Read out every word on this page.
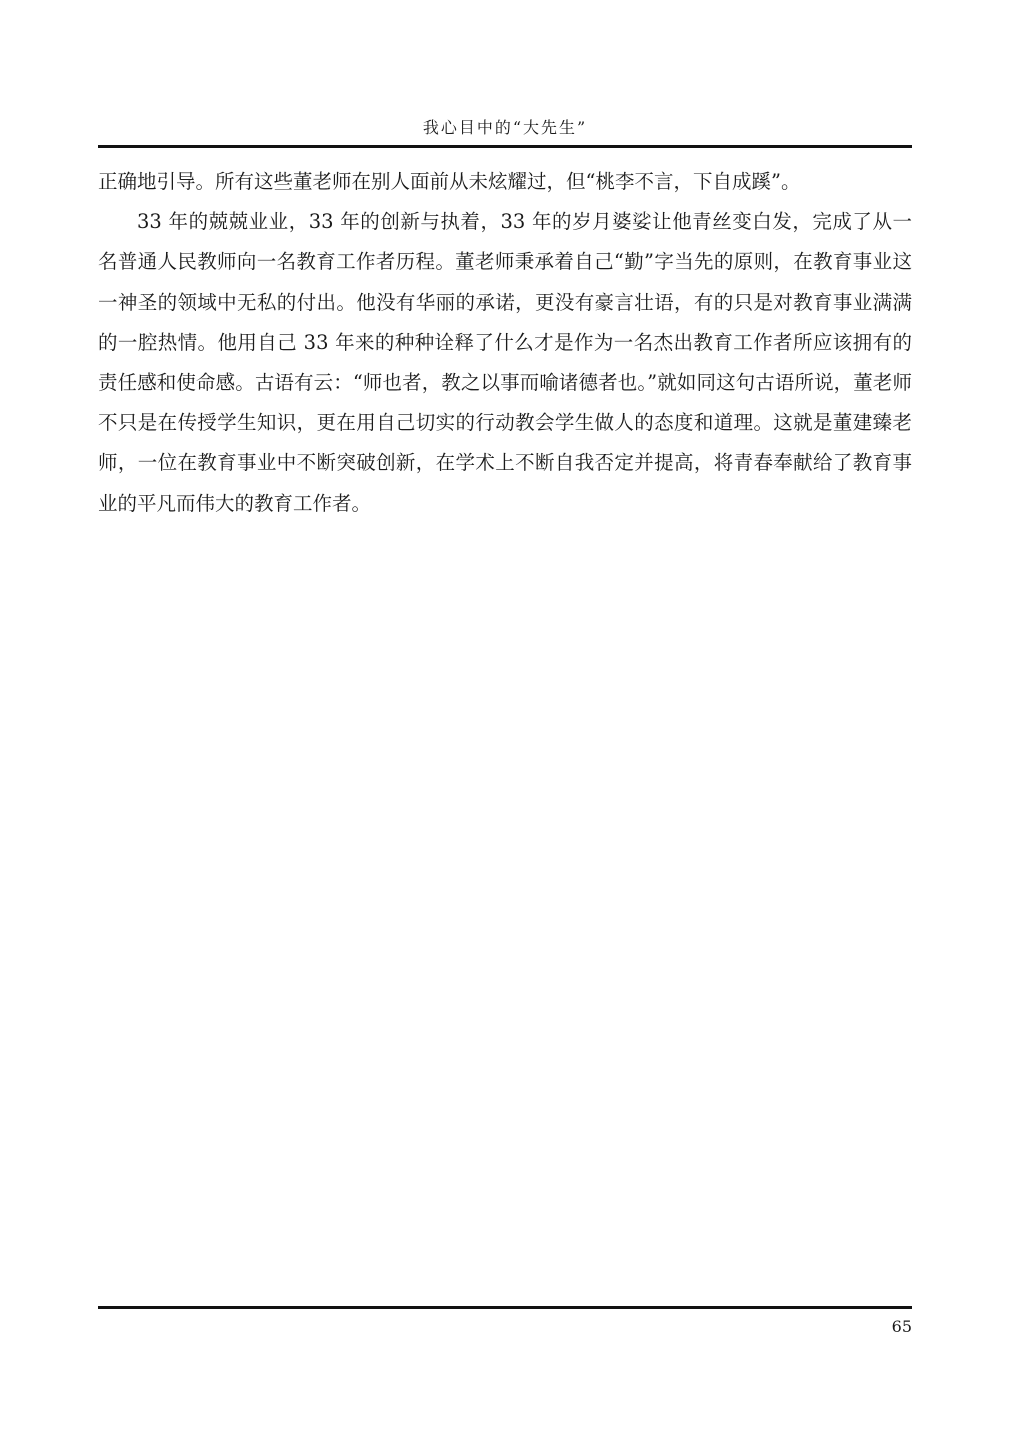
我心目中的“大先生”

正确地引导。所有这些董老师在别人面前从未炫耀过，但“桃李不言，下自成蹊”。

33 年的兢兢业业，33 年的创新与执着，33 年的岁月婆娑让他青丝变白发，完成了从一名普通人民教师向一名教育工作者历程。董老师秉承着自己“勤”字当先的原则，在教育事业这一神圣的领域中无私的付出。他没有华丽的承诺，更没有豪言壮语，有的只是对教育事业满满的一腔热情。他用自己 33 年来的种种诠释了什么才是作为一名杰出教育工作者所应该拥有的责任感和使命感。古语有云：“师也者，教之以事而喻诸德者也。”就如同这句古语所说，董老师不只是在传授学生知识，更在用自己切实的行动教会学生做人的态度和道理。这就是董建臻老师，一位在教育事业中不断突破创新，在学术上不断自我否定并提高，将青春奉献给了教育事业的平凡而伟大的教育工作者。

65
